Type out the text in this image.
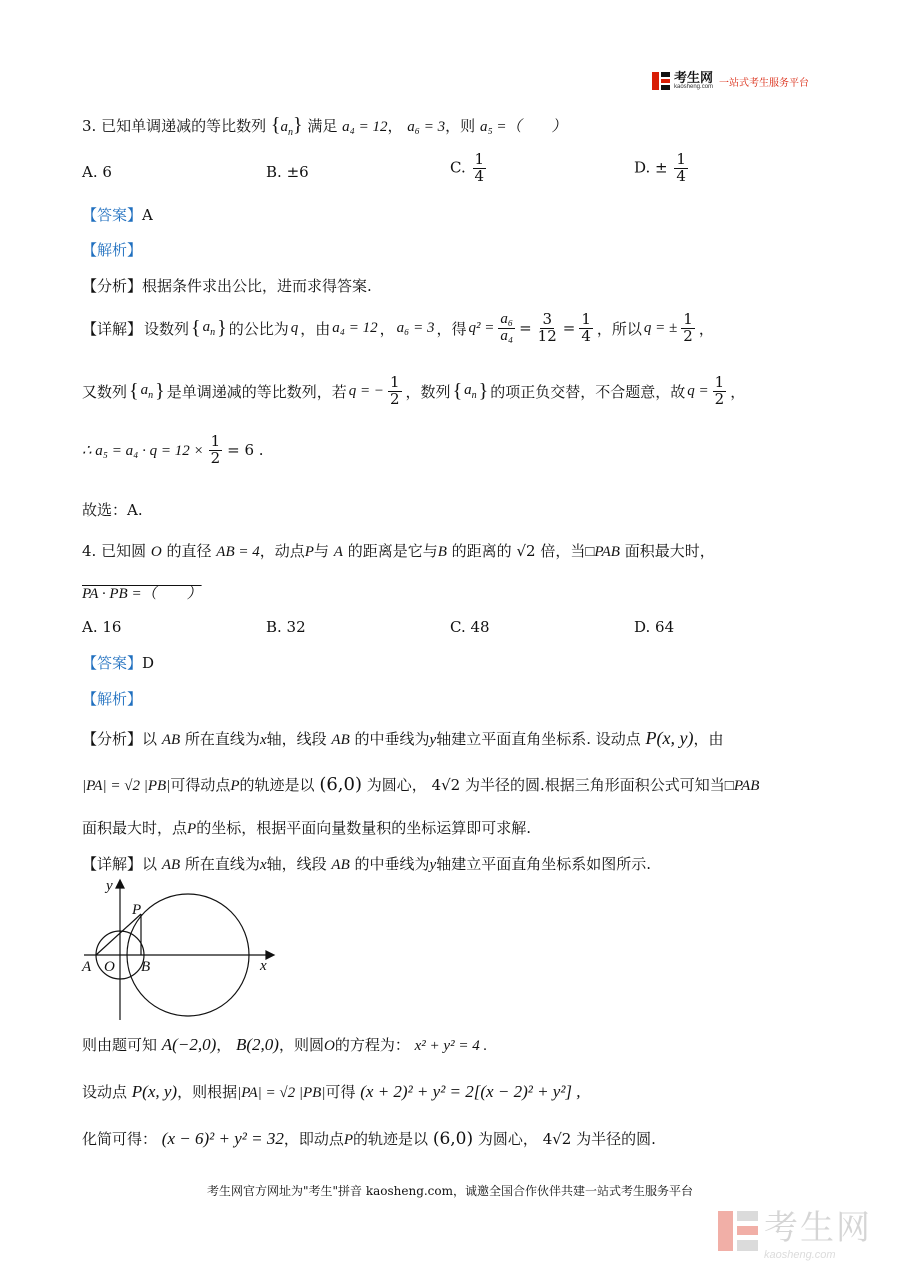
考生网
kaosheng.com 一站式考生服务平台
3. 已知单调递减的等比数列 $\{a_n\}$ 满足 a₄ = 12， a₆ = 3，则 a₅ =（　　）
A. 6	B. ±6	C. $\frac{1}{4}$	D. ± $\frac{1}{4}$
【答案】A
【解析】
【分析】根据条件求出公比，进而求得答案.
【详解】 设数列 { $a_n$ } 的公比为 q ，由 a₄ = 12 ， a₆ = 3 ，得 $q^2 = \frac{\text{a₆}}{\text{a₄}} = \frac{3}{12} = \frac{1}{4}$ ，所以 q = ± $\frac{1}{2}$ ，
又数列 { $a_n$ } 是单调递减的等比数列，若 q = − $\frac{1}{2}$ ，数列 { $a_n$ } 的项正负交替，不合题意，故 $q = \frac{1}{2}$ ，
∴ $a_5 = a_4 \cdot q = 12 \times \frac{1}{2} = 6$ .
故选：A.
4. 已知圆 O 的直径 AB = 4，动点P与 A 的距离是它与B 的距离的 √2 倍，当□PAB 面积最大时，
PA · PB =（　　）
A. 16	B. 32	C. 48	D. 64
【答案】D
【解析】
【分析】以 AB 所在直线为x轴，线段 AB 的中垂线为y轴建立平面直角坐标系. 设动点 P(x, y)，由
|PA| = √2 |PB|可得动点P的轨迹是以 (6,0) 为圆心， 4√2 为半径的圆.根据三角形面积公式可知当□PAB
面积最大时，点P的坐标，根据平面向量数量积的坐标运算即可求解.
【详解】以 AB 所在直线为x轴，线段 AB 的中垂线为y轴建立平面直角坐标系如图所示.
y
x
P
A O B
则由题可知 A(−2,0)， B(2,0)，则圆O的方程为： x² + y² = 4 .
设动点 P(x, y)，则根据|PA| = √2 |PB|可得 (x + 2)² + y² = 2[(x − 2)² + y²] ,
化简可得： (x − 6)² + y² = 32，即动点P的轨迹是以 (6,0) 为圆心， 4√2 为半径的圆.
考生网官方网址为"考生"拼音 kaosheng.com，诚邀全国合作伙伴共建一站式考生服务平台
考生网
kaosheng.com
